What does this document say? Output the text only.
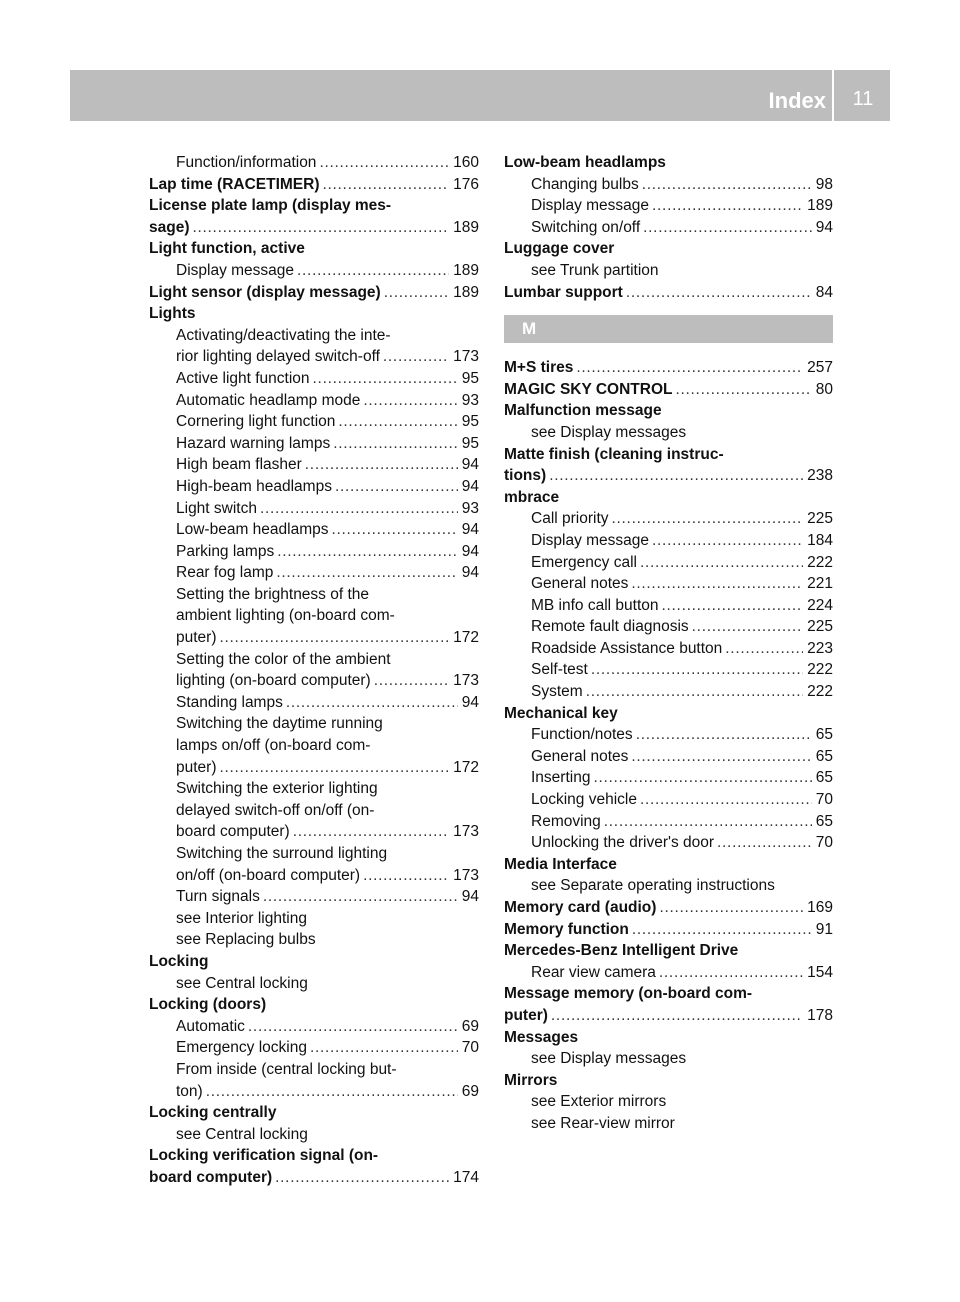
Index 11
Function/information . . .	160
Lap time (RACETIMER) . . .	176
License plate lamp (display mes-
sage) . . .	189
Light function, active
Display message . . .	189
Light sensor (display message) . . .	189
Lights
Activating/deactivating the inte-
rior lighting delayed switch-off . . .	173
Active light function . . .	95
Automatic headlamp mode . . .	93
Cornering light function . . .	95
Hazard warning lamps . . .	95
High beam flasher . . .	94
High-beam headlamps . . .	94
Light switch . . .	93
Low-beam headlamps . . .	94
Parking lamps . . .	94
Rear fog lamp . . .	94
Setting the brightness of the
ambient lighting (on-board com-
puter) . . .	172
Setting the color of the ambient
lighting (on-board computer) . . .	173
Standing lamps . . .	94
Switching the daytime running
lamps on/off (on-board com-
puter) . . .	172
Switching the exterior lighting
delayed switch-off on/off (on-
board computer) . . .	173
Switching the surround lighting
on/off (on-board computer) . . .	173
Turn signals . . .	94
see Interior lighting
see Replacing bulbs
Locking
see Central locking
Locking (doors)
Automatic . . .	69
Emergency locking . . .	70
From inside (central locking but-
ton) . . .	69
Locking centrally
see Central locking
Locking verification signal (on-
board computer) . . .	174
Low-beam headlamps
Changing bulbs . . .	98
Display message . . .	189
Switching on/off . . .	94
Luggage cover
see Trunk partition
Lumbar support . . .	84
M
M+S tires . . .	257
MAGIC SKY CONTROL . . .	80
Malfunction message
see Display messages
Matte finish (cleaning instruc-
tions) . . .	238
mbrace
Call priority . . .	225
Display message . . .	184
Emergency call . . .	222
General notes . . .	221
MB info call button . . .	224
Remote fault diagnosis . . .	225
Roadside Assistance button . . .	223
Self-test . . .	222
System . . .	222
Mechanical key
Function/notes . . .	65
General notes . . .	65
Inserting . . .	65
Locking vehicle . . .	70
Removing . . .	65
Unlocking the driver's door . . .	70
Media Interface
see Separate operating instructions
Memory card (audio) . . .	169
Memory function . . .	91
Mercedes-Benz Intelligent Drive
Rear view camera . . .	154
Message memory (on-board com-
puter) . . .	178
Messages
see Display messages
Mirrors
see Exterior mirrors
see Rear-view mirror
